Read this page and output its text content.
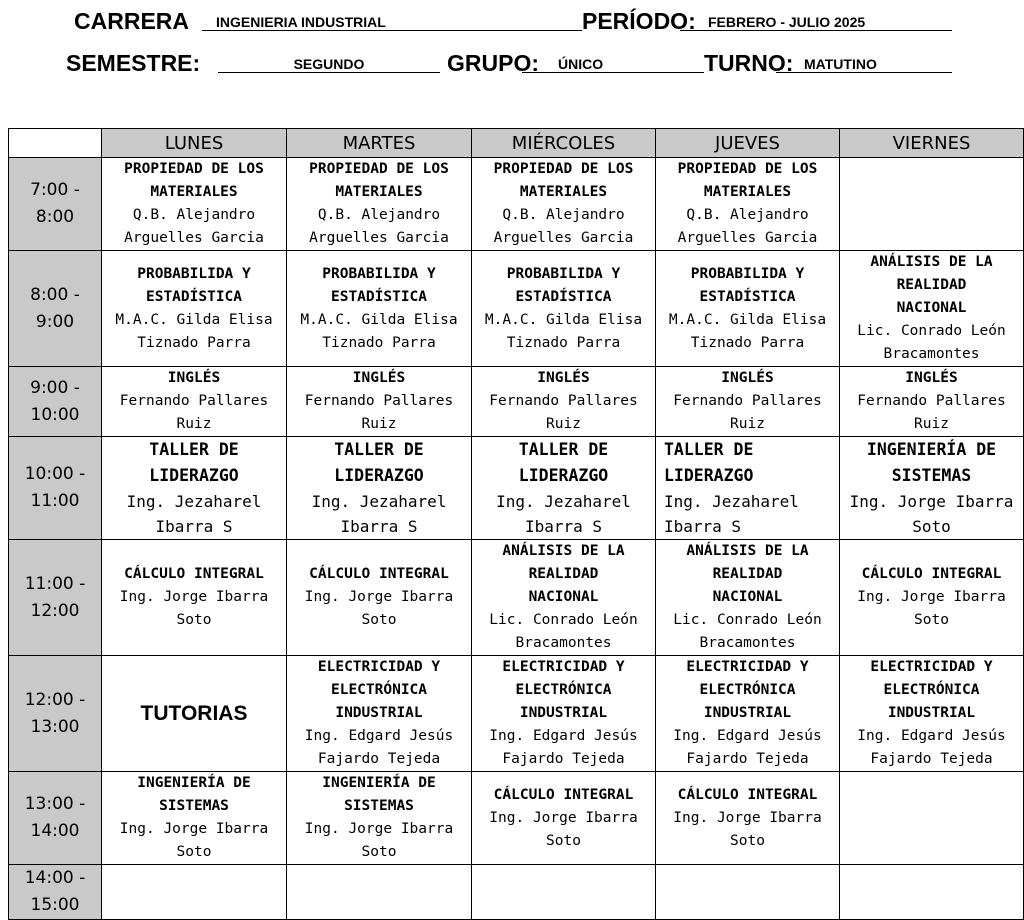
CARRERA	INGENIERIA INDUSTRIAL	PERÍODO: FEBRERO - JULIO 2025
SEMESTRE:	SEGUNDO	GRUPO:	ÚNICO	TURNO: MATUTINO
	LUNES	MARTES	MIÉRCOLES	JUEVES	VIERNES

7:00 -
8:00	PROPIEDAD DE LOS
MATERIALES
Q.B. Alejandro
Arguelles Garcia	PROPIEDAD DE LOS
MATERIALES
Q.B. Alejandro
Arguelles Garcia	PROPIEDAD DE LOS
MATERIALES
Q.B. Alejandro
Arguelles Garcia	PROPIEDAD DE LOS
MATERIALES
Q.B. Alejandro
Arguelles Garcia	

8:00 -
9:00	PROBABILIDA Y
ESTADÍSTICA
M.A.C. Gilda Elisa
Tiznado Parra	PROBABILIDA Y
ESTADÍSTICA
M.A.C. Gilda Elisa
Tiznado Parra	PROBABILIDA Y
ESTADÍSTICA
M.A.C. Gilda Elisa
Tiznado Parra	PROBABILIDA Y
ESTADÍSTICA
M.A.C. Gilda Elisa
Tiznado Parra	ANÁLISIS DE LA
REALIDAD
NACIONAL
Lic. Conrado León
Bracamontes

9:00 -
10:00	INGLÉS
Fernando Pallares Ruiz	INGLÉS
Fernando Pallares Ruiz	INGLÉS
Fernando Pallares Ruiz	INGLÉS
Fernando Pallares Ruiz	INGLÉS
Fernando Pallares Ruiz

10:00 -
11:00	TALLER DE
LIDERAZGO
Ing. Jezaharel
Ibarra S	TALLER DE
LIDERAZGO
Ing. Jezaharel
Ibarra S	TALLER DE
LIDERAZGO
Ing. Jezaharel
Ibarra S	TALLER DE
LIDERAZGO
Ing. Jezaharel
Ibarra S	INGENIERÍA DE
SISTEMAS
Ing. Jorge Ibarra
Soto

11:00 -
12:00	CÁLCULO INTEGRAL
Ing. Jorge Ibarra
Soto	CÁLCULO INTEGRAL
Ing. Jorge Ibarra
Soto	ANÁLISIS DE LA
REALIDAD
NACIONAL
Lic. Conrado León
Bracamontes	ANÁLISIS DE LA
REALIDAD
NACIONAL
Lic. Conrado León
Bracamontes	CÁLCULO INTEGRAL
Ing. Jorge Ibarra
Soto

12:00 -
13:00	TUTORIAS	ELECTRICIDAD Y
ELECTRÓNICA
INDUSTRIAL
Ing. Edgard Jesús
Fajardo Tejeda	ELECTRICIDAD Y
ELECTRÓNICA
INDUSTRIAL
Ing. Edgard Jesús
Fajardo Tejeda	ELECTRICIDAD Y
ELECTRÓNICA
INDUSTRIAL
Ing. Edgard Jesús
Fajardo Tejeda	ELECTRICIDAD Y
ELECTRÓNICA
INDUSTRIAL
Ing. Edgard Jesús
Fajardo Tejeda

13:00 -
14:00	INGENIERÍA DE
SISTEMAS
Ing. Jorge Ibarra
Soto	INGENIERÍA DE
SISTEMAS
Ing. Jorge Ibarra
Soto	CÁLCULO INTEGRAL
Ing. Jorge Ibarra
Soto	CÁLCULO INTEGRAL
Ing. Jorge Ibarra
Soto	

14:00 -
15:00					
